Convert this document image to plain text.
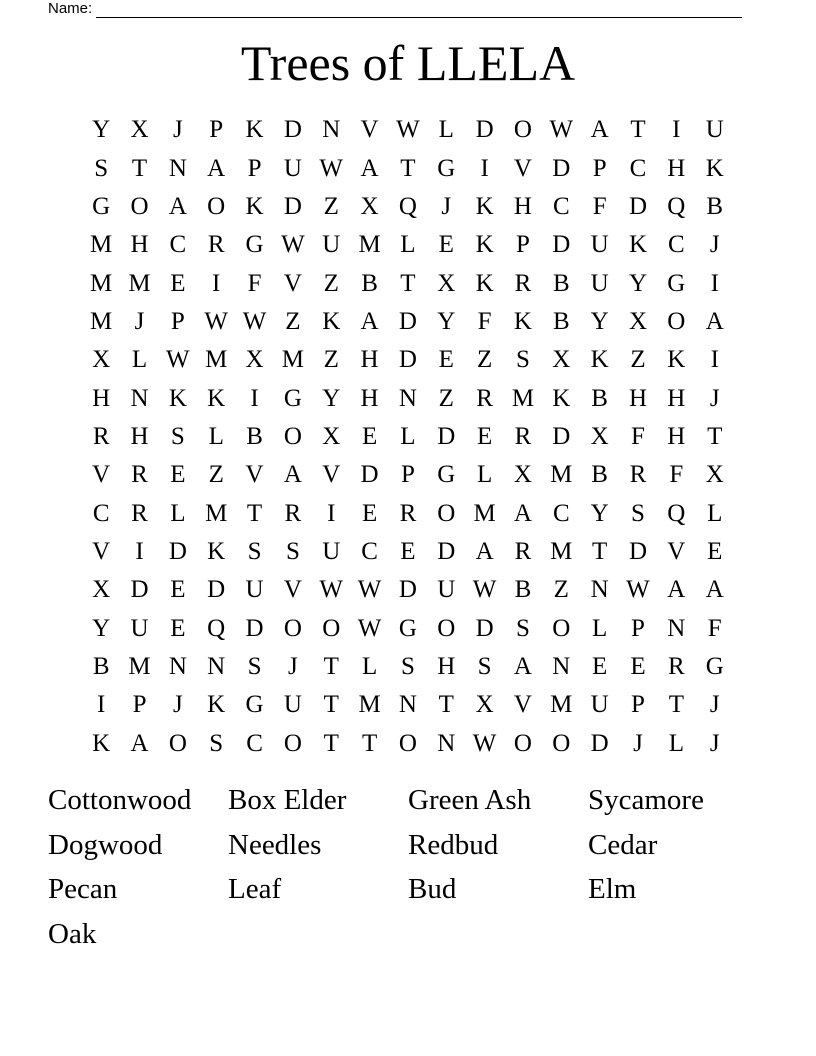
Name:
Trees of LLELA
Y	X	J	P	K	D	N	V	W	L	D	O	W	A	T	I	U
S	T	N	A	P	U	W	A	T	G	I	V	D	P	C	H	K
G	O	A	O	K	D	Z	X	Q	J	K	H	C	F	D	Q	B
M	H	C	R	G	W	U	M	L	E	K	P	D	U	K	C	J
M	M	E	I	F	V	Z	B	T	X	K	R	B	U	Y	G	I
M	J	P	W	W	Z	K	A	D	Y	F	K	B	Y	X	O	A
X	L	W	M	X	M	Z	H	D	E	Z	S	X	K	Z	K	I
H	N	K	K	I	G	Y	H	N	Z	R	M	K	B	H	H	J
R	H	S	L	B	O	X	E	L	D	E	R	D	X	F	H	T
V	R	E	Z	V	A	V	D	P	G	L	X	M	B	R	F	X
C	R	L	M	T	R	I	E	R	O	M	A	C	Y	S	Q	L
V	I	D	K	S	S	U	C	E	D	A	R	M	T	D	V	E
X	D	E	D	U	V	W	W	D	U	W	B	Z	N	W	A	A
Y	U	E	Q	D	O	O	W	G	O	D	S	O	L	P	N	F
B	M	N	N	S	J	T	L	S	H	S	A	N	E	E	R	G
I	P	J	K	G	U	T	M	N	T	X	V	M	U	P	T	J
K	A	O	S	C	O	T	T	O	N	W	O	O	D	J	L	J
Cottonwood	Box Elder	Green Ash	Sycamore
Dogwood	Needles	Redbud	Cedar
Pecan	Leaf	Bud	Elm
Oak
